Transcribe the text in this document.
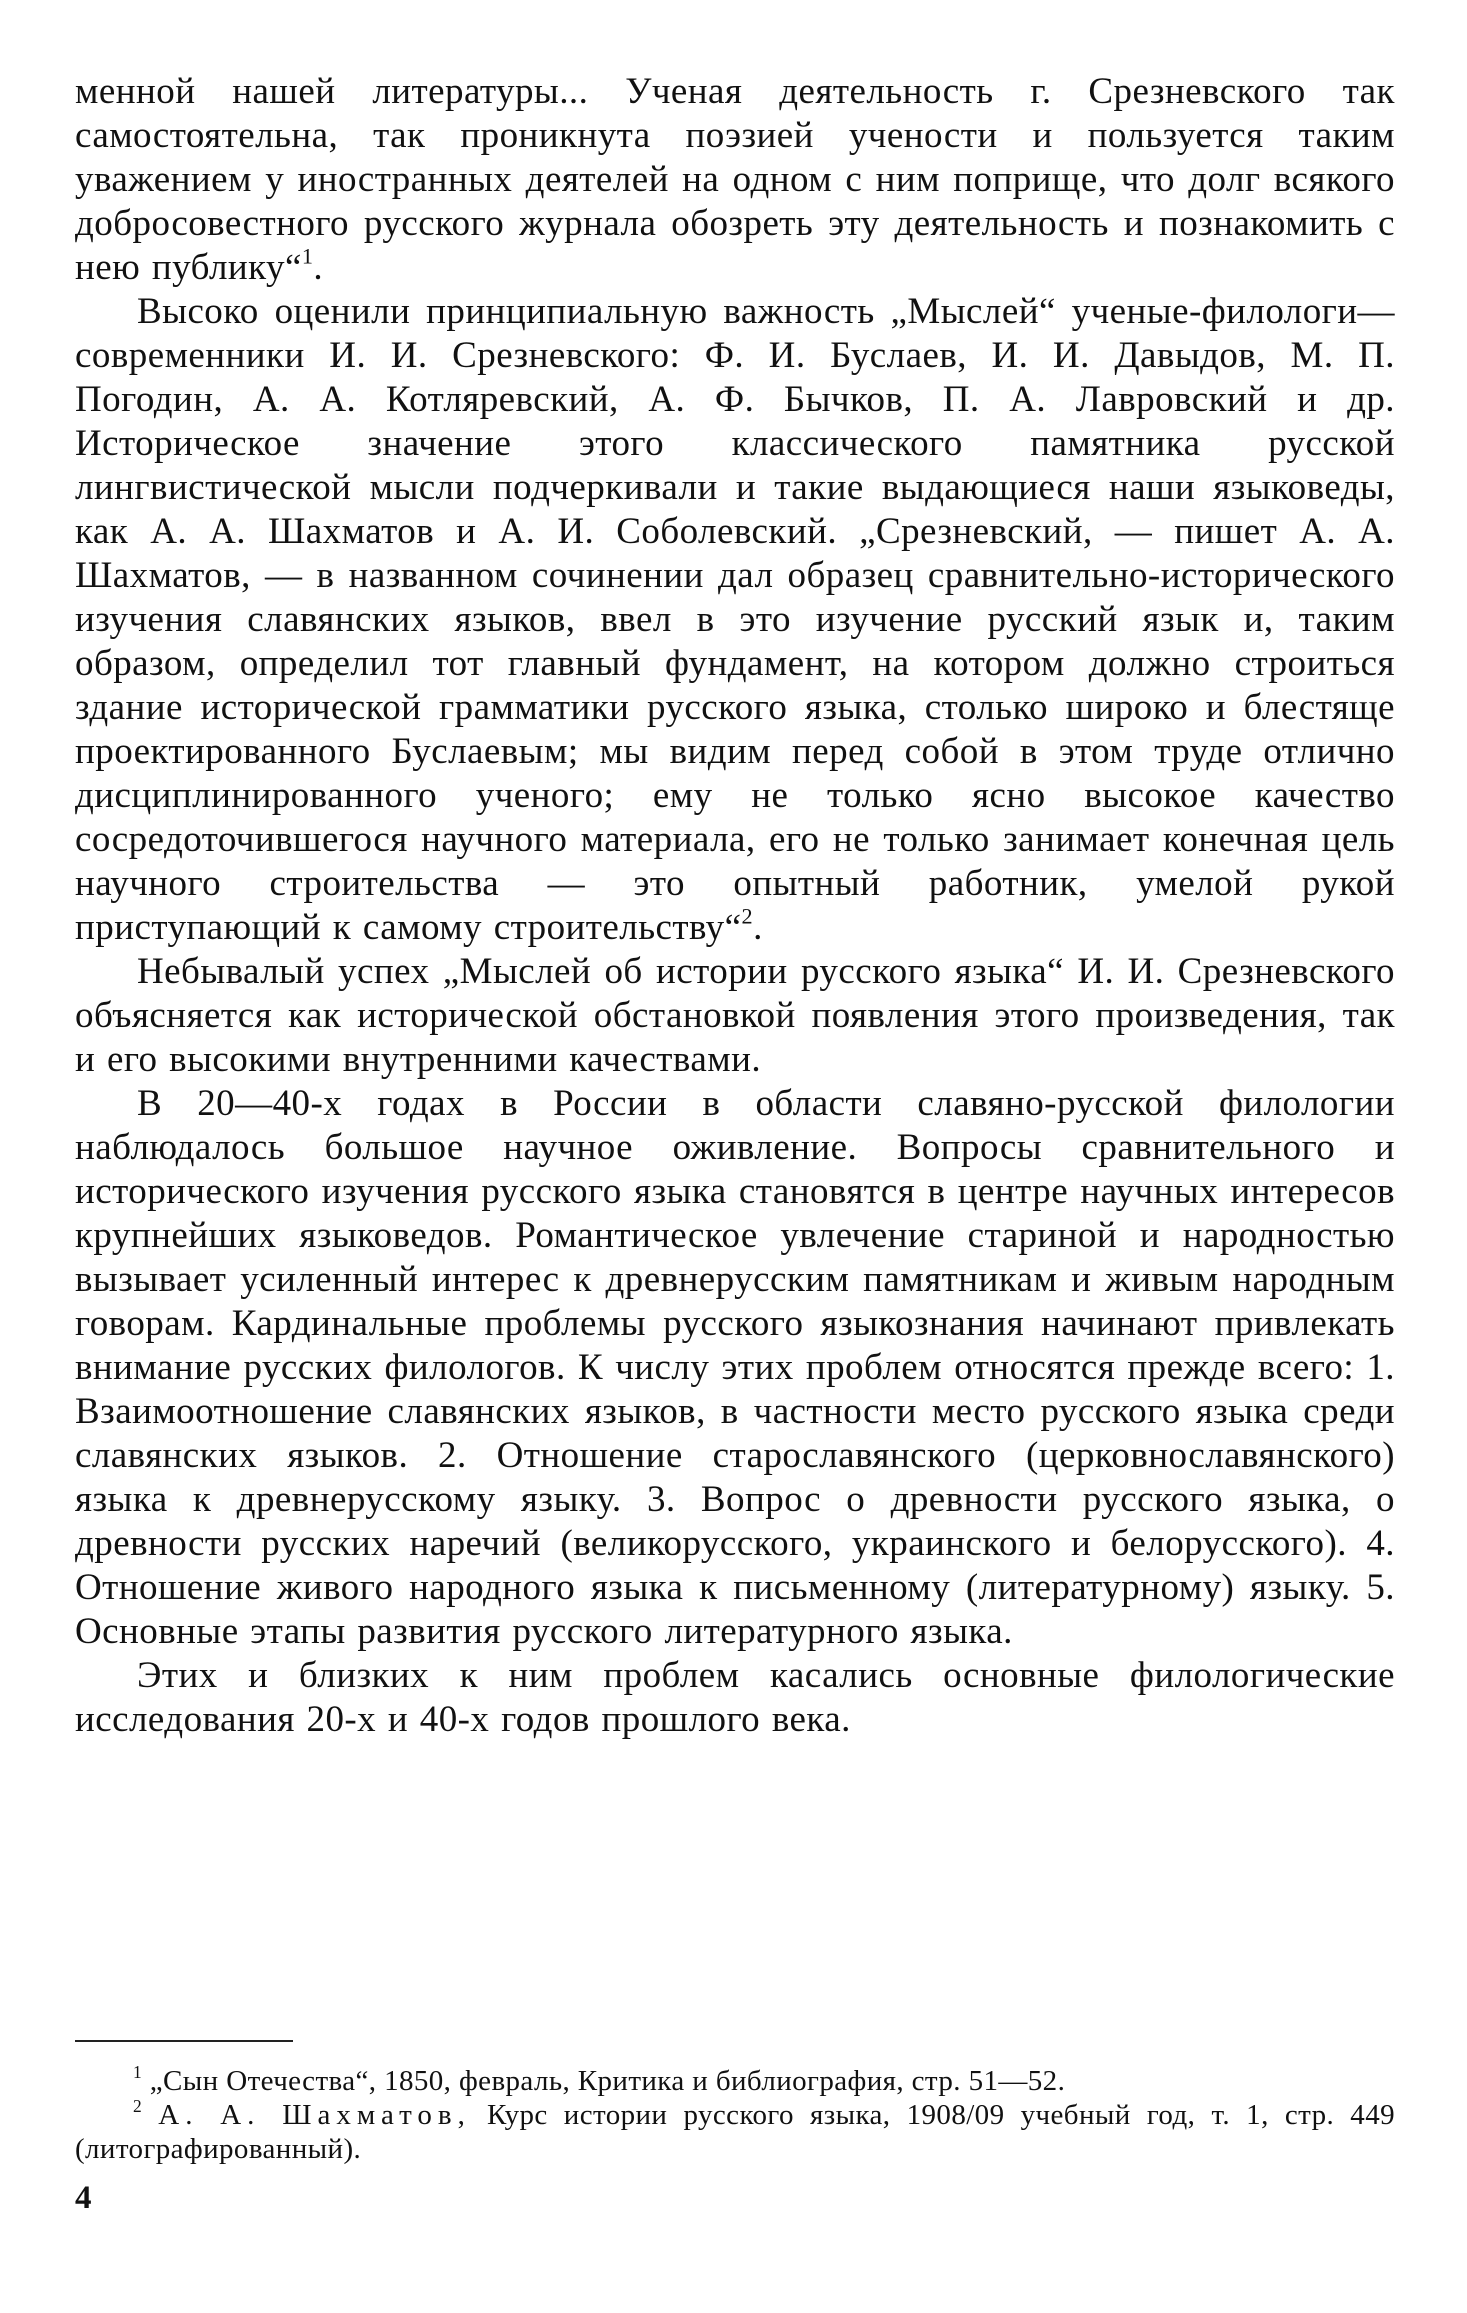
менной нашей литературы... Ученая деятельность г. Срезневского так самостоятельна, так проникнута поэзией учености и пользуется таким уважением у иностранных деятелей на одном с ним поприще, что долг всякого добросовестного русского журнала обозреть эту деятельность и познакомить с нею публику“$^1$.

Высоко оценили принципиальную важность „Мыслей“ ученые-филологи—современники И. И. Срезневского: Ф. И. Буслаев, И. И. Давыдов, М. П. Погодин, А. А. Котляревский, А. Ф. Бычков, П. А. Лавровский и др. Историческое значение этого классического памятника русской лингвистической мысли подчеркивали и такие выдающиеся наши языковеды, как А. А. Шахматов и А. И. Соболевский. „Срезневский, — пишет А. А. Шахматов, — в названном сочинении дал образец сравнительно-исторического изучения славянских языков, ввел в это изучение русский язык и, таким образом, определил тот главный фундамент, на котором должно строиться здание исторической грамматики русского языка, столько широко и блестяще проектированного Буслаевым; мы видим перед собой в этом труде отлично дисциплинированного ученого; ему не только ясно высокое качество сосредоточившегося научного материала, его не только занимает конечная цель научного строительства — это опытный работник, умелой рукой приступающий к самому строительству“$^2$.

Небывалый успех „Мыслей об истории русского языка“ И. И. Срезневского объясняется как исторической обстановкой появления этого произведения, так и его высокими внутренними качествами.

В 20—40-х годах в России в области славяно-русской филологии наблюдалось большое научное оживление. Вопросы сравнительного и исторического изучения русского языка становятся в центре научных интересов крупнейших языковедов. Романтическое увлечение стариной и народностью вызывает усиленный интерес к древнерусским памятникам и живым народным говорам. Кардинальные проблемы русского языкознания начинают привлекать внимание русских филологов. К числу этих проблем относятся прежде всего: 1. Взаимоотношение славянских языков, в частности место русского языка среди славянских языков. 2. Отношение старославянского (церковнославянского) языка к древнерусскому языку. 3. Вопрос о древности русского языка, о древности русских наречий (великорусского, украинского и белорусского). 4. Отношение живого народного языка к письменному (литературному) языку. 5. Основные этапы развития русского литературного языка.

Этих и близких к ним проблем касались основные филологические исследования 20-х и 40-х годов прошлого века.

$^1$ „Сын Отечества“, 1850, февраль, Критика и библиография, стр. 51—52.

$^2$ А. А. Шахматов, Курс истории русского языка, 1908/09 учебный год, т. 1, стр. 449 (литографированный).

4
